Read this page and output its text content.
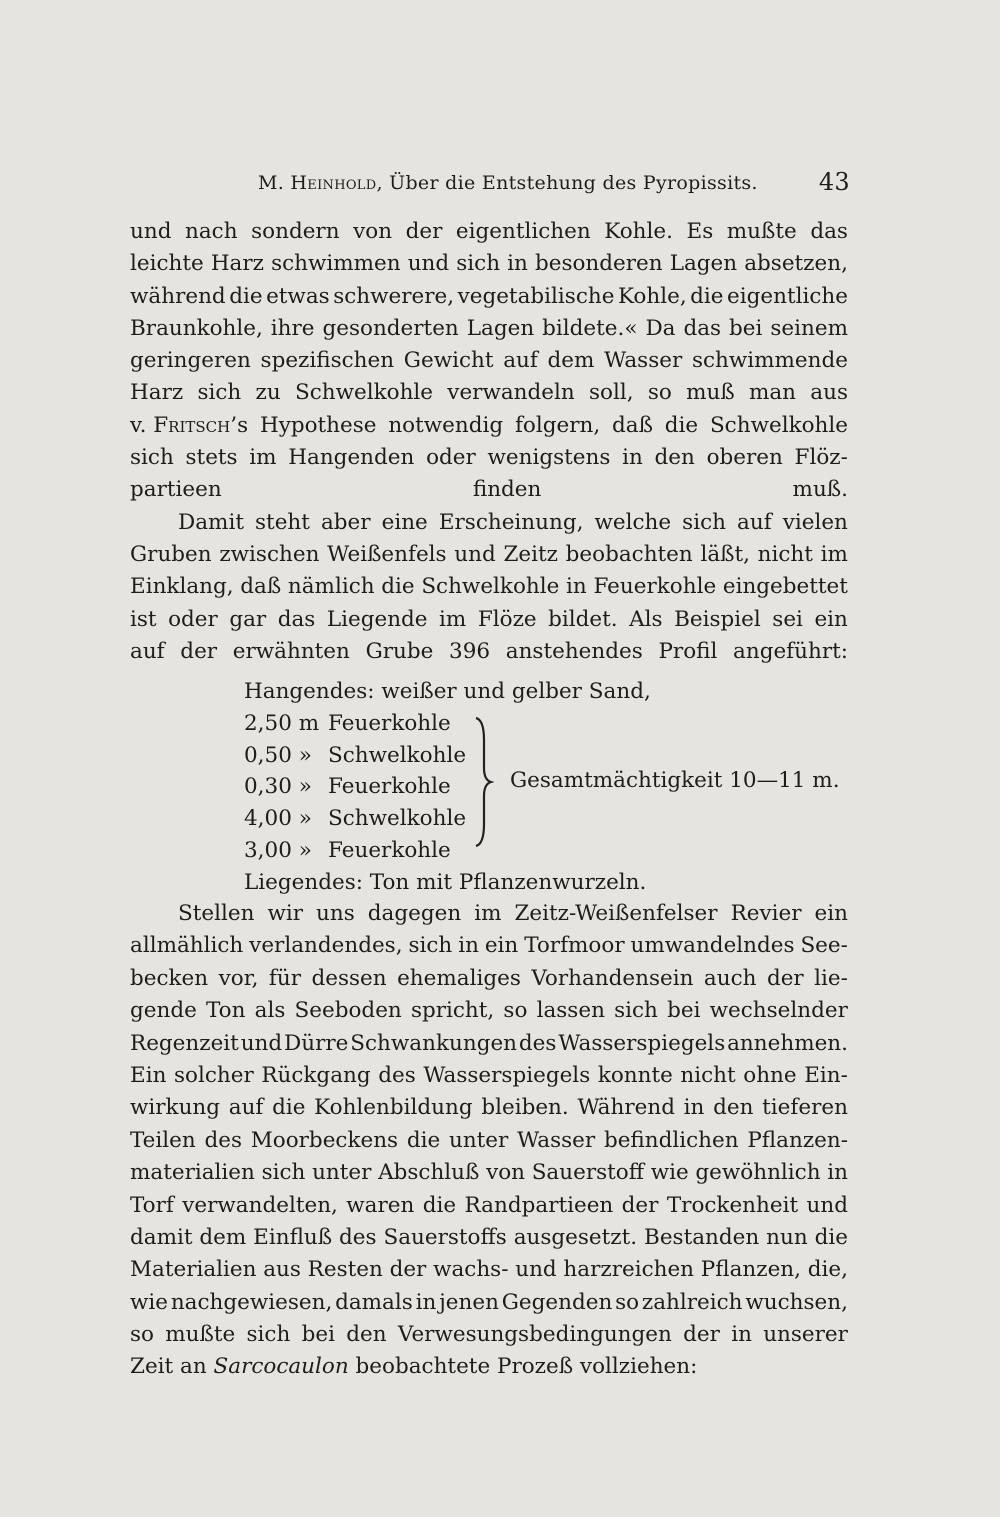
M. Heinhold, Über die Entstehung des Pyropissits.	43
und nach sondern von der eigentlichen Kohle. Es mußte das
leichte Harz schwimmen und sich in besonderen Lagen absetzen,
während die etwas schwerere, vegetabilische Kohle, die eigentliche
Braunkohle, ihre gesonderten Lagen bildete.« Da das bei seinem
geringeren spezifischen Gewicht auf dem Wasser schwimmende
Harz sich zu Schwelkohle verwandeln soll, so muß man aus
v. Fritsch ’s Hypothese notwendig folgern, daß die Schwelkohle
sich stets im Hangenden oder wenigstens in den oberen Flöz-
partieen finden muß.
Damit steht aber eine Erscheinung, welche sich auf vielen
Gruben zwischen Weißenfels und Zeitz beobachten läßt, nicht im
Einklang, daß nämlich die Schwelkohle in Feuerkohle eingebettet
ist oder gar das Liegende im Flöze bildet. Als Beispiel sei ein
auf der erwähnten Grube 396 anstehendes Profil angeführt:
Hangendes: weißer und gelber Sand,
2,50 m Feuerkohle
0,50 » Schwelkohle
0,30 » Feuerkohle
4,00 » Schwelkohle
3,00 » Feuerkohle
Liegendes: Ton mit Pflanzenwurzeln.
Gesamtmächtigkeit 10—11 m.
Stellen wir uns dagegen im Zeitz-Weißenfelser Revier ein
allmählich verlandendes, sich in ein Torfmoor umwandelndes See-
becken vor, für dessen ehemaliges Vorhandensein auch der lie-
gende Ton als Seeboden spricht, so lassen sich bei wechselnder
Regenzeit und Dürre Schwankungen des Wasserspiegels annehmen.
Ein solcher Rückgang des Wasserspiegels konnte nicht ohne Ein-
wirkung auf die Kohlenbildung bleiben. Während in den tieferen
Teilen des Moorbeckens die unter Wasser befindlichen Pflanzen-
materialien sich unter Abschluß von Sauerstoff wie gewöhnlich in
Torf verwandelten, waren die Randpartieen der Trockenheit und
damit dem Einfluß des Sauerstoffs ausgesetzt. Bestanden nun die
Materialien aus Resten der wachs- und harzreichen Pflanzen, die,
wie nachgewiesen, damals in jenen Gegenden so zahlreich wuchsen,
so mußte sich bei den Verwesungsbedingungen der in unserer
Zeit an Sarcocaulon beobachtete Prozeß vollziehen:
